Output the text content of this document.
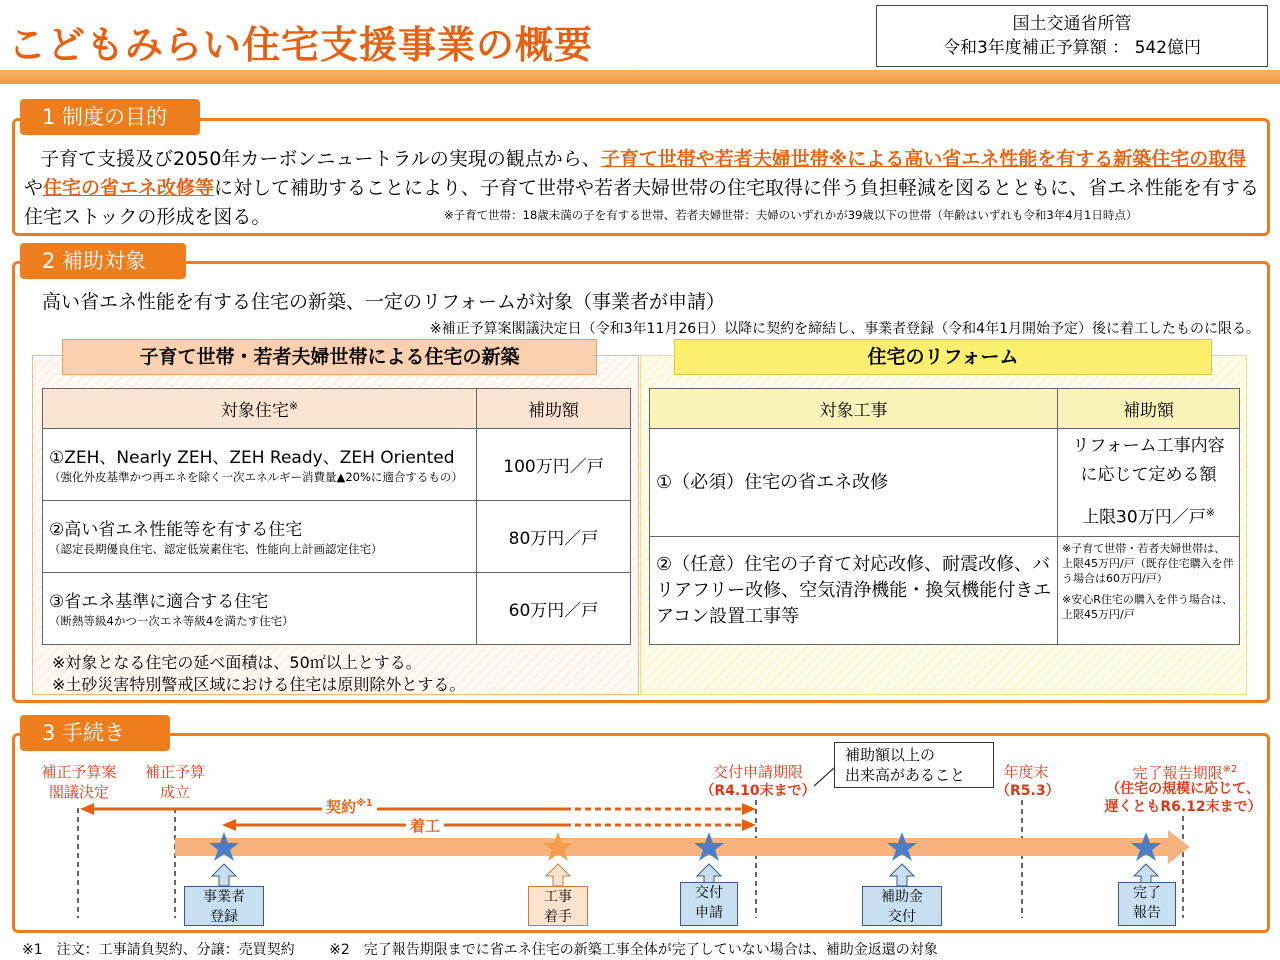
こどもみらい住宅支援事業の概要	国土交通省所管
令和3年度補正予算額 ： 542億円
1 制度の目的
子育て支援及び2050年カーボンニュートラルの実現の観点から、子育て世帯や若者夫婦世帯※による高い省エネ性能を有する新築住宅の取得や住宅の省エネ改修等に対して補助することにより、子育て世帯や若者夫婦世帯の住宅取得に伴う負担軽減を図るとともに、省エネ性能を有する住宅ストックの形成を図る。	※子育て世帯：18歳未満の子を有する世帯、若者夫婦世帯：夫婦のいずれかが39歳以下の世帯（年齢はいずれも令和3年4月1日時点）
2 補助対象
高い省エネ性能を有する住宅の新築、一定のリフォームが対象（事業者が申請）
※補正予算案閣議決定日（令和3年11月26日）以降に契約を締結し、事業者登録（令和4年1月開始予定）後に着工したものに限る。
子育て世帯・若者夫婦世帯による住宅の新築	住宅のリフォーム
対象住宅※	補助額

①ZEH、Nearly ZEH、ZEH Ready、ZEH Oriented
（強化外皮基準かつ再エネを除く一次エネルギー消費量▲20%に適合するもの）	100万円／戸

②高い省エネ性能等を有する住宅
（認定長期優良住宅、認定低炭素住宅、性能向上計画認定住宅）	80万円／戸

③省エネ基準に適合する住宅
（断熱等級4かつ一次エネ等級4を満たす住宅）	60万円／戸
※対象となる住宅の延べ面積は、50㎡以上とする。
※土砂災害特別警戒区域における住宅は原則除外とする。
対象工事	補助額
①（必須）住宅の省エネ改修	リフォーム工事内容
に応じて定める額
上限30万円／戸※

②（任意）住宅の子育て対応改修、耐震改修、バリアフリー改修、空気清浄機能・換気機能付きエアコン設置工事等	※子育て世帯・若者夫婦世帯は、上限45万円/戸（既存住宅購入を伴う場合は60万円/戸）
※安心R住宅の購入を伴う場合は、上限45万円/戸
3 手続き
補正予算案
閣議決定
補正予算
成立
交付申請期限
（R4.10末まで）
補助額以上の
出来高があること	年度末
（R5.3）
完了報告期限$^{※2}$
（住宅の規模に応じて、
遅くともR6.12末まで）
契約$^{※1}$
着工
事業者
登録
工事
着手
交付
申請
補助金
交付
完了
報告
※1　注文：工事請負契約、分譲：売買契約 ※2　完了報告期限までに省エネ住宅の新築工事全体が完了していない場合は、補助金返還の対象
